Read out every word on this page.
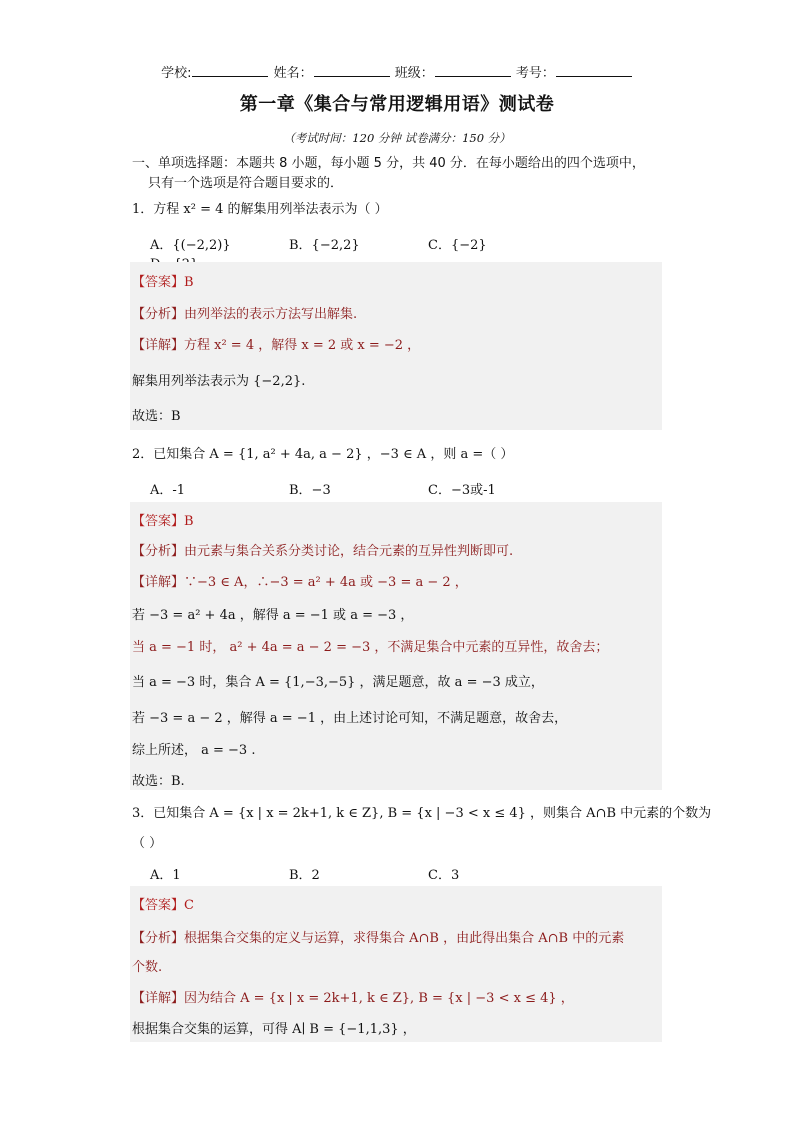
学校:	姓名：	班级：	考号：
第一章《集合与常用逻辑用语》测试卷
（考试时间：120 分钟 试卷满分：150 分）
一、单项选择题：本题共 8 小题，每小题 5 分，共 40 分．在每小题给出的四个选项中，
只有一个选项是符合题目要求的．
1．方程 x² = 4 的解集用列举法表示为（ ）
A．{(−2,2)}	B．{−2,2}	C．{−2}
【答案】B
【分析】由列举法的表示方法写出解集.
【详解】方程 x² = 4 ，解得 x = 2 或 x = −2 ，
解集用列举法表示为 {−2,2}.
故选：B
2．已知集合 A = {1, a² + 4a, a − 2} ，−3 ∈ A ，则 a =（ ）
A．-1	B．−3	C．−3或-1
【答案】B
【分析】由元素与集合关系分类讨论，结合元素的互异性判断即可.
【详解】∵−3 ∈ A，∴−3 = a² + 4a 或 −3 = a − 2 ，
若 −3 = a² + 4a ，解得 a = −1 或 a = −3 ，
当 a = −1 时， a² + 4a = a − 2 = −3 ，不满足集合中元素的互异性，故舍去；
当 a = −3 时，集合 A = {1,−3,−5} ，满足题意，故 a = −3 成立，
若 −3 = a − 2 ，解得 a = −1 ，由上述讨论可知，不满足题意，故舍去，
综上所述， a = −3 .
故选：B.
3．已知集合 A = {x | x = 2k+1, k ∈ Z}, B = {x | −3 < x ≤ 4} ，则集合 A∩B 中元素的个数为
（ ）
A．1	B．2	C．3
【答案】C
【分析】根据集合交集的定义与运算，求得集合 A∩B ，由此得出集合 A∩B 中的元素
个数.
【详解】因为结合 A = {x | x = 2k+1, k ∈ Z}, B = {x | −3 < x ≤ 4} ，
根据集合交集的运算，可得 A∣ B = {−1,1,3} ，
